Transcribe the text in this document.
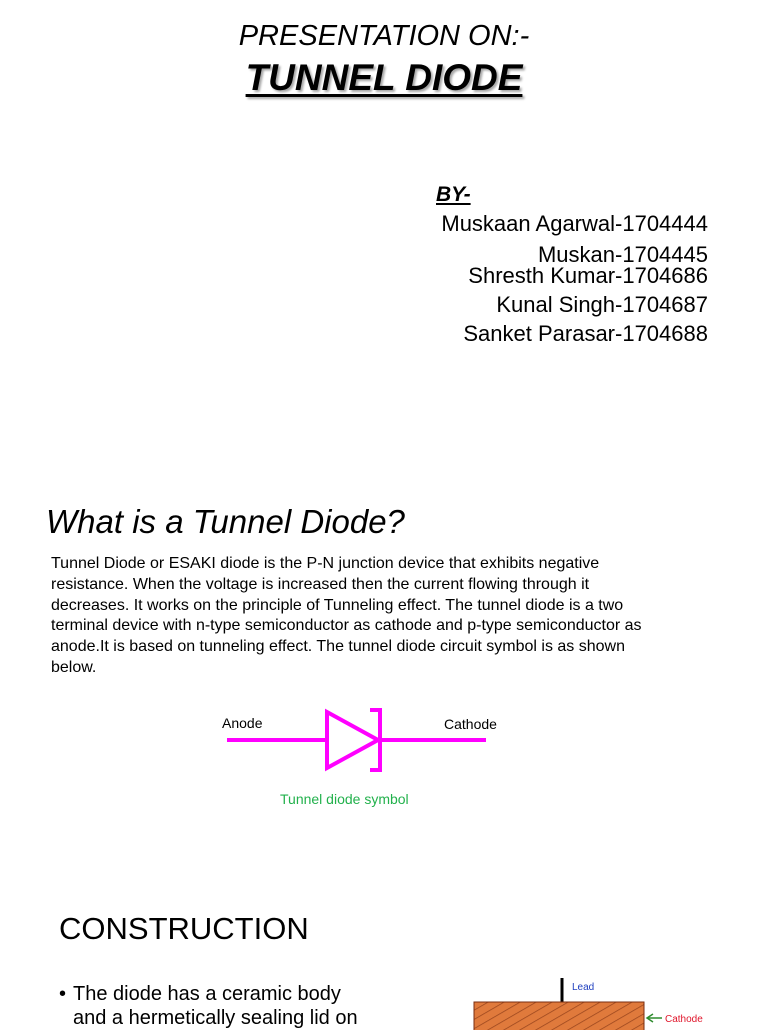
PRESENTATION ON:-
TUNNEL DIODE
BY-
Muskaan Agarwal-1704444
Muskan-1704445
Shresth Kumar-1704686
Kunal Singh-1704687
Sanket Parasar-1704688
What is a Tunnel Diode?
Tunnel Diode or ESAKI diode is the P-N junction device that exhibits negative resistance. When the voltage is increased then the current flowing through it decreases. It works on the principle of Tunneling effect. The tunnel diode is a two terminal device with n-type semiconductor as cathode and p-type semiconductor as anode.It is based on tunneling effect. The tunnel diode circuit symbol is as shown below.
Anode	Cathode
Tunnel diode symbol
CONSTRUCTION
• The diode has a ceramic body and a hermetically sealing lid on
Lead
Cathode
